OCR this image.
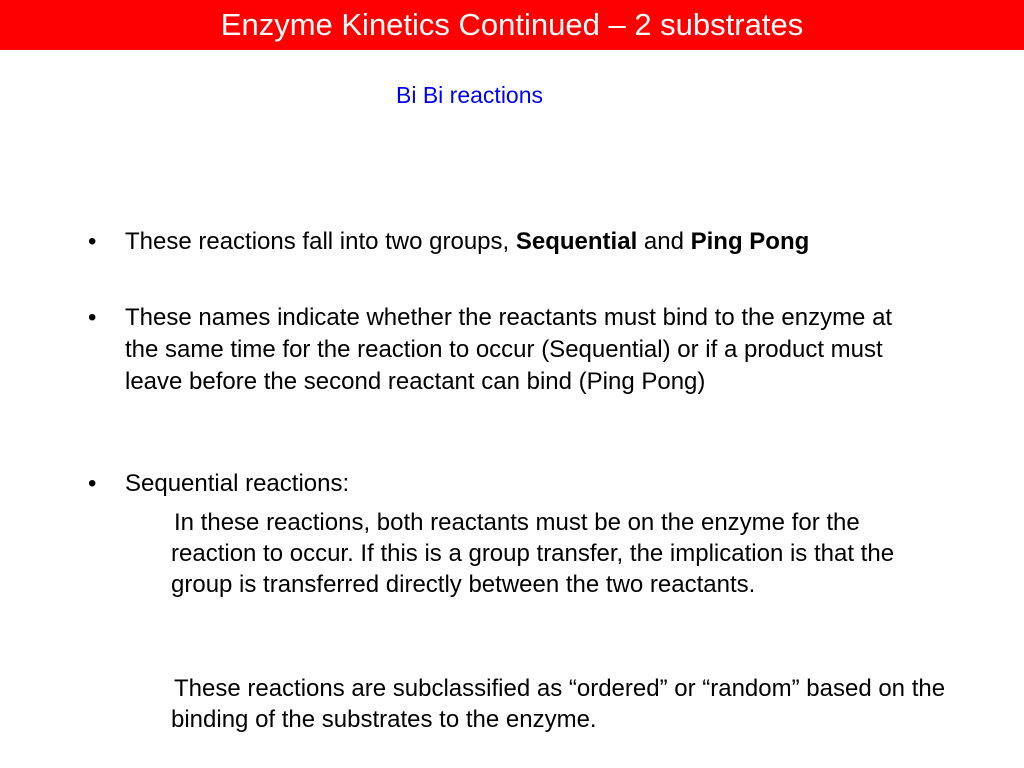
Enzyme Kinetics Continued – 2 substrates
Bi Bi reactions
• These reactions fall into two groups, Sequential and Ping Pong
• These names indicate whether the reactants must bind to the enzyme at the same time for the reaction to occur (Sequential) or if a product must leave before the second reactant can bind (Ping Pong)
• Sequential reactions:
In these reactions, both reactants must be on the enzyme for the reaction to occur. If this is a group transfer, the implication is that the group is transferred directly between the two reactants.
These reactions are subclassified as “ordered” or “random” based on the binding of the substrates to the enzyme.
